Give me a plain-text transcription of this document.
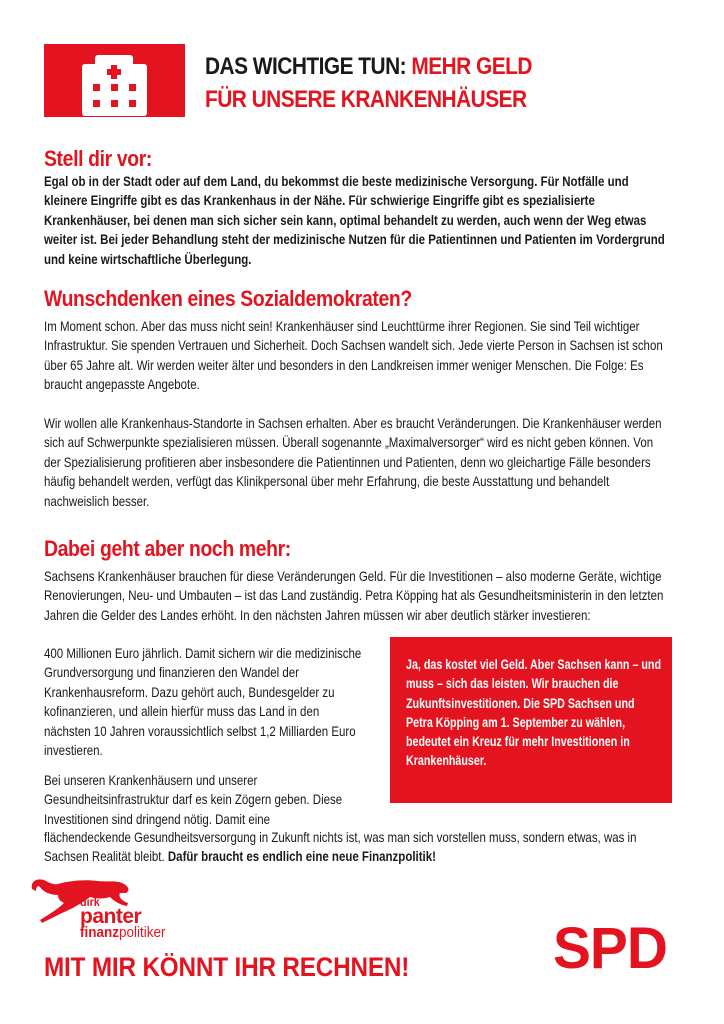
DAS WICHTIGE TUN: MEHR GELD
FÜR UNSERE KRANKENHÄUSER
Stell dir vor:

Egal ob in der Stadt oder auf dem Land, du bekommst die beste medizinische Versorgung. Für Notfälle und kleinere Eingriffe gibt es das Krankenhaus in der Nähe. Für schwierige Eingriffe gibt es spezialisierte Krankenhäuser, bei denen man sich sicher sein kann, optimal behandelt zu werden, auch wenn der Weg etwas weiter ist. Bei jeder Behandlung steht der medizinische Nutzen für die Patientinnen und Patienten im Vordergrund und keine wirtschaftliche Überlegung.

Wunschdenken eines Sozialdemokraten?

Im Moment schon. Aber das muss nicht sein! Krankenhäuser sind Leuchttürme ihrer Regionen. Sie sind Teil wichtiger Infrastruktur. Sie spenden Vertrauen und Sicherheit. Doch Sachsen wandelt sich. Jede vierte Person in Sachsen ist schon über 65 Jahre alt. Wir werden weiter älter und besonders in den Landkreisen immer weniger Menschen. Die Folge: Es braucht angepasste Angebote.

Wir wollen alle Krankenhaus-Standorte in Sachsen erhalten. Aber es braucht Veränderungen. Die Krankenhäuser werden sich auf Schwerpunkte spezialisieren müssen. Überall sogenannte „Maximalversorger“ wird es nicht geben können. Von der Spezialisierung profitieren aber insbesondere die Patientinnen und Patienten, denn wo gleichartige Fälle besonders häufig behandelt werden, verfügt das Klinikpersonal über mehr Erfahrung, die beste Ausstattung und behandelt nachweislich besser.

Dabei geht aber noch mehr:

Sachsens Krankenhäuser brauchen für diese Veränderungen Geld. Für die Investitionen – also moderne Geräte, wichtige Renovierungen, Neu- und Umbauten – ist das Land zuständig. Petra Köpping hat als Gesundheitsministerin in den letzten Jahren die Gelder des Landes erhöht. In den nächsten Jahren müssen wir aber deutlich stärker investieren:

400 Millionen Euro jährlich. Damit sichern wir die medizinische Grundversorgung und finanzieren den Wandel der Krankenhausreform. Dazu gehört auch, Bundesgelder zu kofinanzieren, und allein hierfür muss das Land in den nächsten 10 Jahren voraussichtlich selbst 1,2 Milliarden Euro investieren.

Bei unseren Krankenhäusern und unserer Gesundheitsinfrastruktur darf es kein Zögern geben. Diese Investitionen sind dringend nötig. Damit eine

flächendeckende Gesundheitsversorgung in Zukunft nichts ist, was man sich vorstellen muss, sondern etwas, was in Sachsen Realität bleibt. Dafür braucht es endlich eine neue Finanzpolitik!

Ja, das kostet viel Geld. Aber Sachsen kann – und muss – sich das leisten. Wir brauchen die Zukunftsinvestitionen. Die SPD Sachsen und Petra Köpping am 1. September zu wählen, bedeutet ein Kreuz für mehr Investitionen in Krankenhäuser.

dirk
panter
finanzpolitiker
MIT MIR KÖNNT IHR RECHNEN! SPD
